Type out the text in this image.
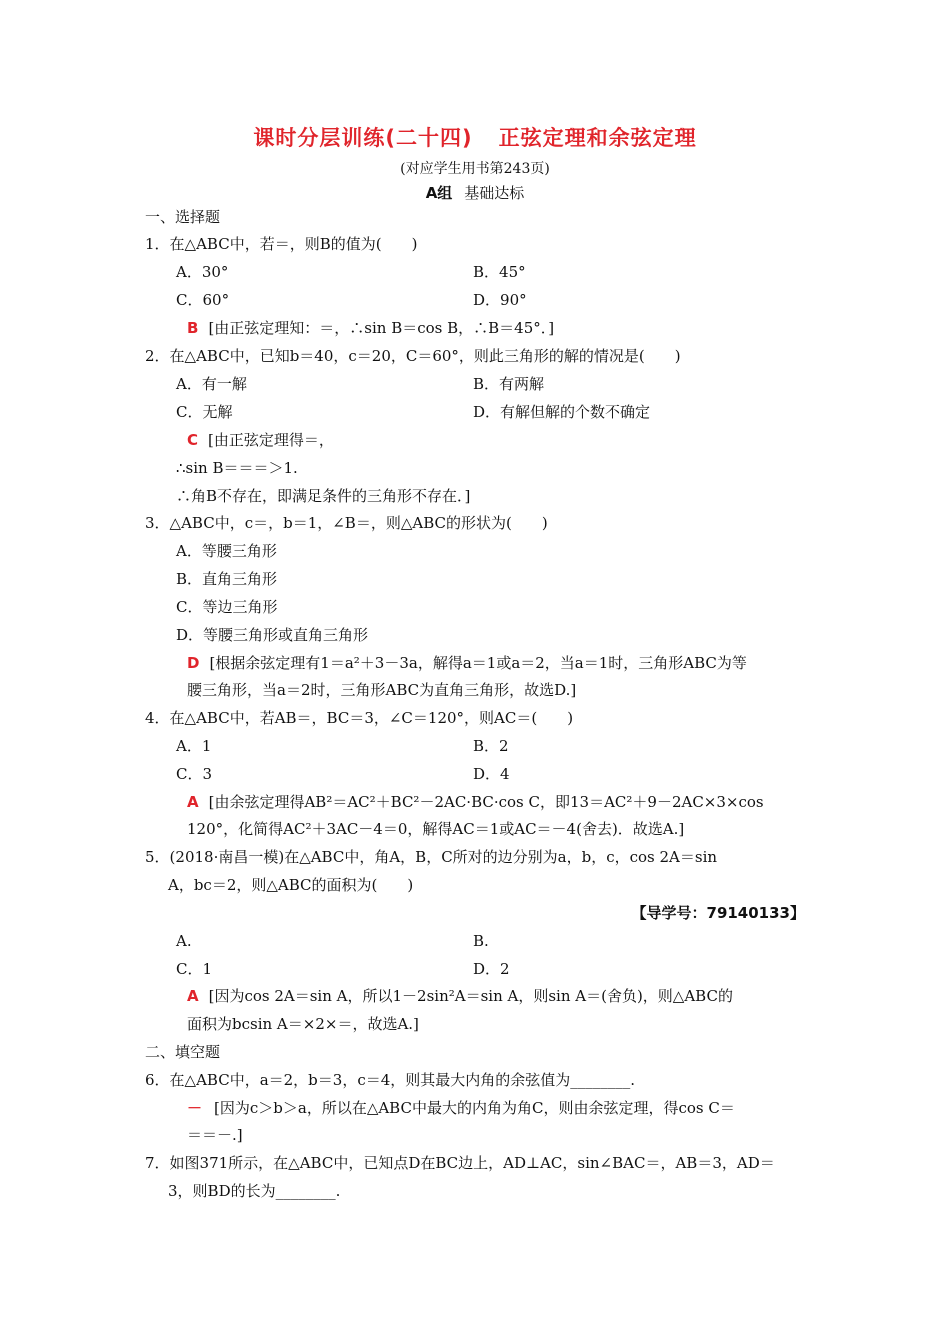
课时分层训练(二十四) 正弦定理和余弦定理
(对应学生用书第243页)
A组 基础达标
一、选择题
1．在△ABC中，若＝，则B的值为(　　)
A．30°	B．45°
C．60°	D．90°
B [由正弦定理知：＝，∴sin B＝cos B，∴B＝45°．]
2．在△ABC中，已知b＝40，c＝20，C＝60°，则此三角形的解的情况是(　　)
A．有一解	B．有两解
C．无解	D．有解但解的个数不确定
C [由正弦定理得＝，
∴sin B＝＝＝＞1.
∴角B不存在，即满足条件的三角形不存在．]
3．△ABC中，c＝，b＝1，∠B＝，则△ABC的形状为(　　)
A．等腰三角形
B．直角三角形
C．等边三角形
D．等腰三角形或直角三角形
D [根据余弦定理有1＝a²＋3－3a，解得a＝1或a＝2，当a＝1时，三角形ABC为等
腰三角形，当a＝2时，三角形ABC为直角三角形，故选D.]
4．在△ABC中，若AB＝，BC＝3，∠C＝120°，则AC＝(　　)
A．1	B．2
C．3	D．4
A [由余弦定理得AB²＝AC²＋BC²－2AC·BC·cos C，即13＝AC²＋9－2AC×3×cos
120°，化简得AC²＋3AC－4＝0，解得AC＝1或AC＝－4(舍去)．故选A.]
5．(2018·南昌一模)在△ABC中，角A，B，C所对的边分别为a，b，c，cos 2A＝sin
A，bc＝2，则△ABC的面积为(　　)
【导学号：79140133】
A.	B.
C．1	D．2
A [因为cos 2A＝sin A，所以1－2sin²A＝sin A，则sin A＝(舍负)，则△ABC的
面积为bcsin A＝×2×＝，故选A.]
二、填空题
6．在△ABC中，a＝2，b＝3，c＝4，则其最大内角的余弦值为________.
－ [因为c＞b＞a，所以在△ABC中最大的内角为角C，则由余弦定理，得cos C＝
＝＝－.]
7．如图371所示，在△ABC中，已知点D在BC边上，AD⊥AC，sin∠BAC＝，AB＝3，AD＝
3，则BD的长为________.
